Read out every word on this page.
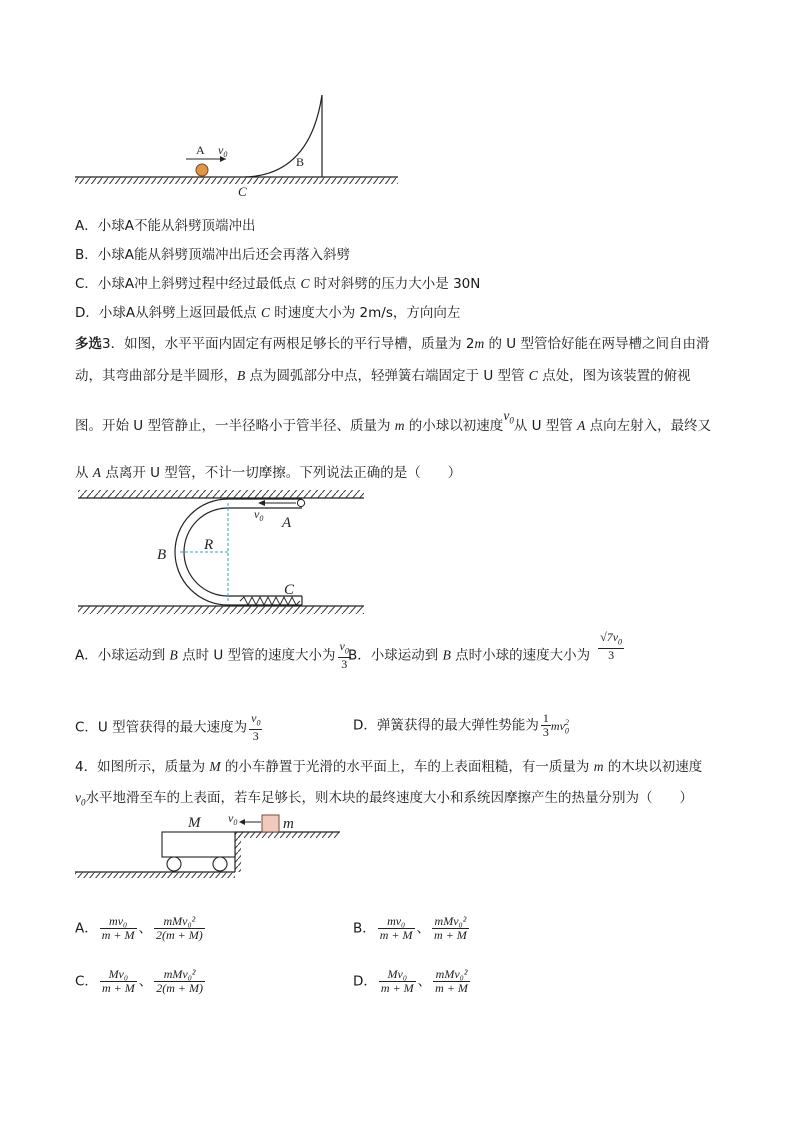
A $v_0$
B
C
A．小球A不能从斜劈顶端冲出
B．小球A能从斜劈顶端冲出后还会再落入斜劈
C．小球A冲上斜劈过程中经过最低点 C 时对斜劈的压力大小是 30N
D．小球A从斜劈上返回最低点 C 时速度大小为 2m/s，方向向左
多选3．如图，水平平面内固定有两根足够长的平行导槽，质量为 2m 的 U 型管恰好能在两导槽之间自由滑
动，其弯曲部分是半圆形，B 点为圆弧部分中点，轻弹簧右端固定于 U 型管 C 点处，图为该装置的俯视
图。开始 U 型管静止，一半径略小于管半径、质量为 m 的小球以初速度$v_0$从 U 型管 A 点向左射入，最终又
从 A 点离开 U 型管，不计一切摩擦。下列说法正确的是（　　）
$v_0$ A
B
R
C
A．小球运动到 B 点时 U 型管的速度大小为 $\frac{v_0}{3}$
B．小球运动到 B 点时小球的速度大小为 $\frac{√7v_0}{3}$
C．U 型管获得的最大速度为 $\frac{v_0}{3}$	D．弹簧获得的最大弹性势能为 $\frac{1}{3} mv_0^2$
4．如图所示，质量为 M 的小车静置于光滑的水平面上，车的上表面粗糙，有一质量为 m 的木块以初速度
$v_0$水平地滑至车的上表面，若车足够长，则木块的最终速度大小和系统因摩擦产生的热量分别为（　　）
M $v_0$	m
A． $\frac{\text{mv₀}}{m + M}$ 、 $\frac{\text{mMv₀²}}{2(m + M)}$	B． $\frac{\text{mv₀}}{m + M}$ 、 $\frac{\text{mMv₀²}}{m + M}$
C． $\frac{\text{Mv₀}}{m + M}$ 、 $\frac{\text{mMv₀²}}{2(m + M)}$	D． $\frac{\text{Mv₀}}{m + M}$ 、 $\frac{\text{mMv₀²}}{m + M}$
